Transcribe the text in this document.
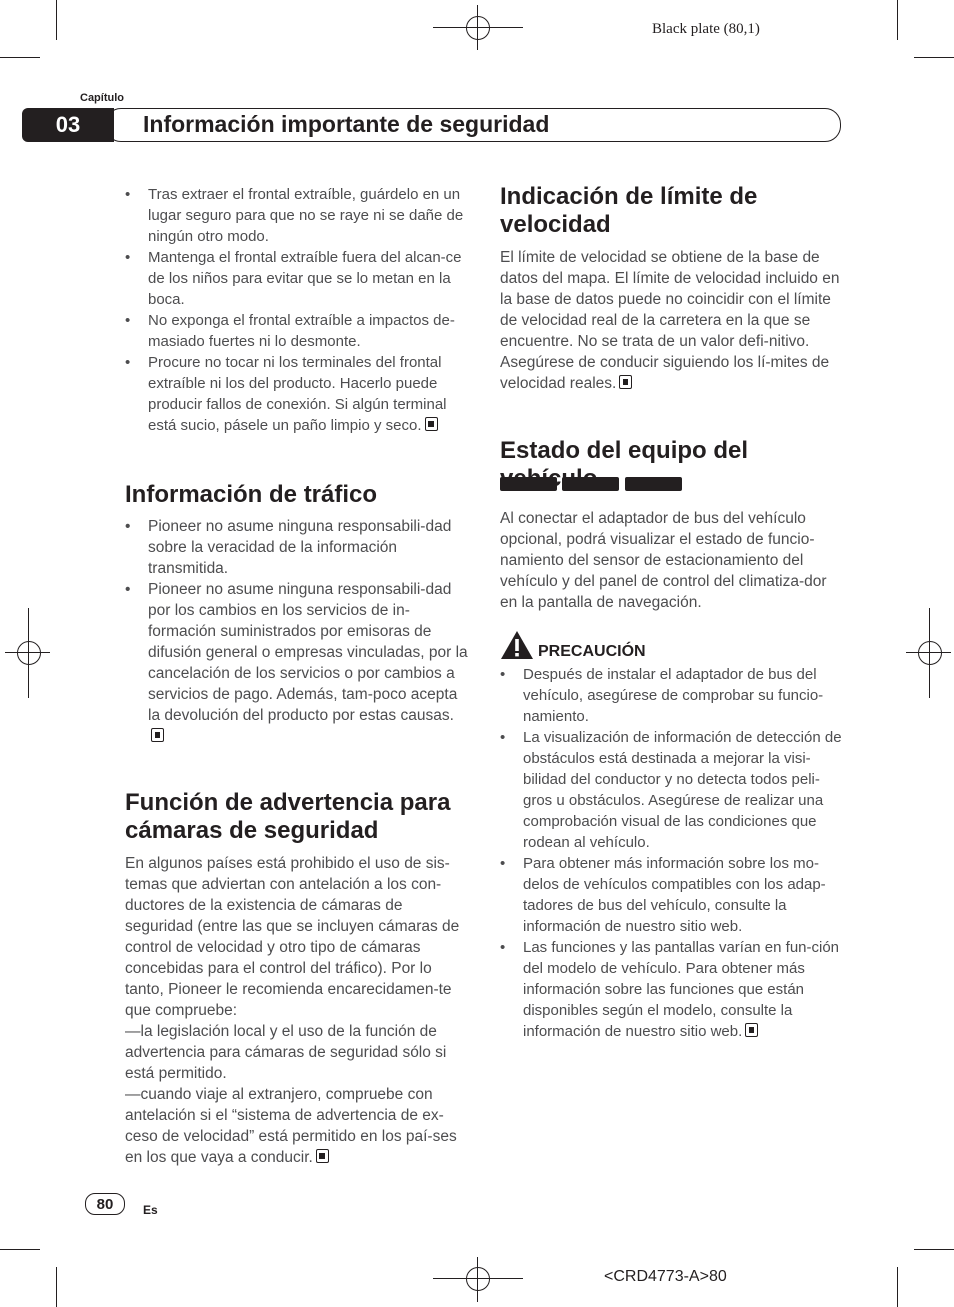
Black plate (80,1)
Capítulo
03	Información importante de seguridad
• Tras extraer el frontal extraíble, guárdelo en un lugar seguro para que no se raye ni se dañe de ningún otro modo.
• Mantenga el frontal extraíble fuera del alcan-ce de los niños para evitar que se lo metan en la boca.
• No exponga el frontal extraíble a impactos de-masiado fuertes ni lo desmonte.
• Procure no tocar ni los terminales del frontal extraíble ni los del producto. Hacerlo puede producir fallos de conexión. Si algún terminal está sucio, pásele un paño limpio y seco.
Información de tráfico
• Pioneer no asume ninguna responsabili-dad sobre la veracidad de la información transmitida.
• Pioneer no asume ninguna responsabili-dad por los cambios en los servicios de in-formación suministrados por emisoras de difusión general o empresas vinculadas, por la cancelación de los servicios o por cambios a servicios de pago. Además, tam-poco acepta la devolución del producto por estas causas.
Función de advertencia para cámaras de seguridad

En algunos países está prohibido el uso de sis-temas que adviertan con antelación a los con-ductores de la existencia de cámaras de seguridad (entre las que se incluyen cámaras de control de velocidad y otro tipo de cámaras concebidas para el control del tráfico). Por lo tanto, Pioneer le recomienda encarecidamen-te que compruebe:

—la legislación local y el uso de la función de advertencia para cámaras de seguridad sólo si está permitido.

—cuando viaje al extranjero, compruebe con antelación si el “sistema de advertencia de ex-ceso de velocidad” está permitido en los paí-ses en los que vaya a conducir.

Indicación de límite de velocidad

El límite de velocidad se obtiene de la base de datos del mapa. El límite de velocidad incluido en la base de datos puede no coincidir con el límite de velocidad real de la carretera en la que se encuentre. No se trata de un valor defi-nitivo. Asegúrese de conducir siguiendo los lí-mites de velocidad reales.

Estado del equipo del
Al conectar el adaptador de bus del vehículo opcional, podrá visualizar el estado de funcio-namiento del sensor de estacionamiento del vehículo y del panel de control del climatiza-dor en la pantalla de navegación.
PRECAUCIÓN
• Después de instalar el adaptador de bus del vehículo, asegúrese de comprobar su funcio-namiento.
• La visualización de información de detección de obstáculos está destinada a mejorar la visi-bilidad del conductor y no detecta todos peli-gros u obstáculos. Asegúrese de realizar una comprobación visual de las condiciones que rodean al vehículo.
• Para obtener más información sobre los mo-delos de vehículos compatibles con los adap-tadores de bus del vehículo, consulte la información de nuestro sitio web.
• Las funciones y las pantallas varían en fun-ción del modelo de vehículo. Para obtener más información sobre las funciones que están disponibles según el modelo, consulte la información de nuestro sitio web.
80 Es
<CRD4773-A>80
